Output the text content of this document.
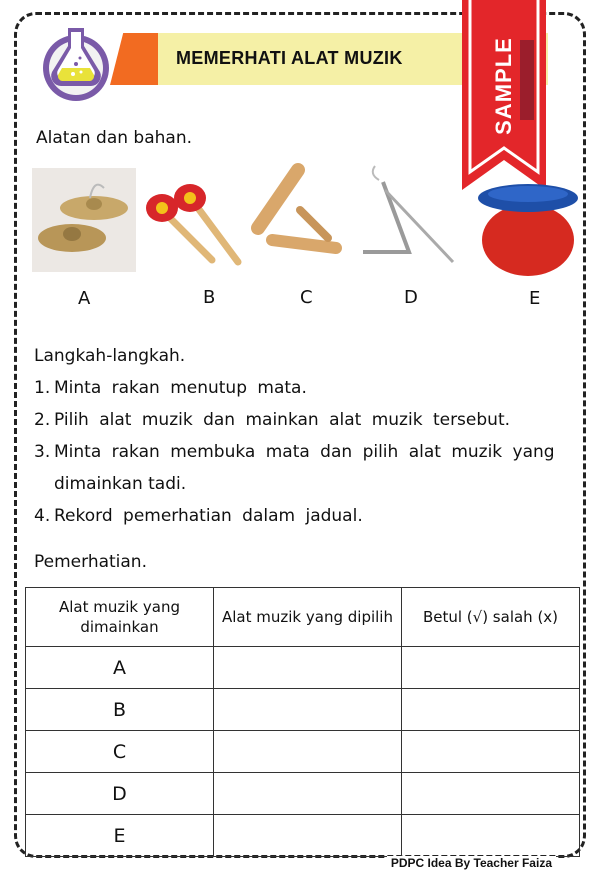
MEMERHATI ALAT MUZIK	SAMPLE
Alatan dan bahan.
A	B	C	D	E
Langkah-langkah.
1. Minta rakan menutup mata.
2. Pilih alat muzik dan mainkan alat muzik tersebut.
3. Minta rakan membuka mata dan pilih alat muzik yang
dimainkan tadi.
4. Rekord pemerhatian dalam jadual.
Pemerhatian.
Alat muzik yang dimainkan	Alat muzik yang dipilih	Betul (√) salah (x)
A		
B		
C		
D		
E		
PDPC Idea By Teacher Faiza
